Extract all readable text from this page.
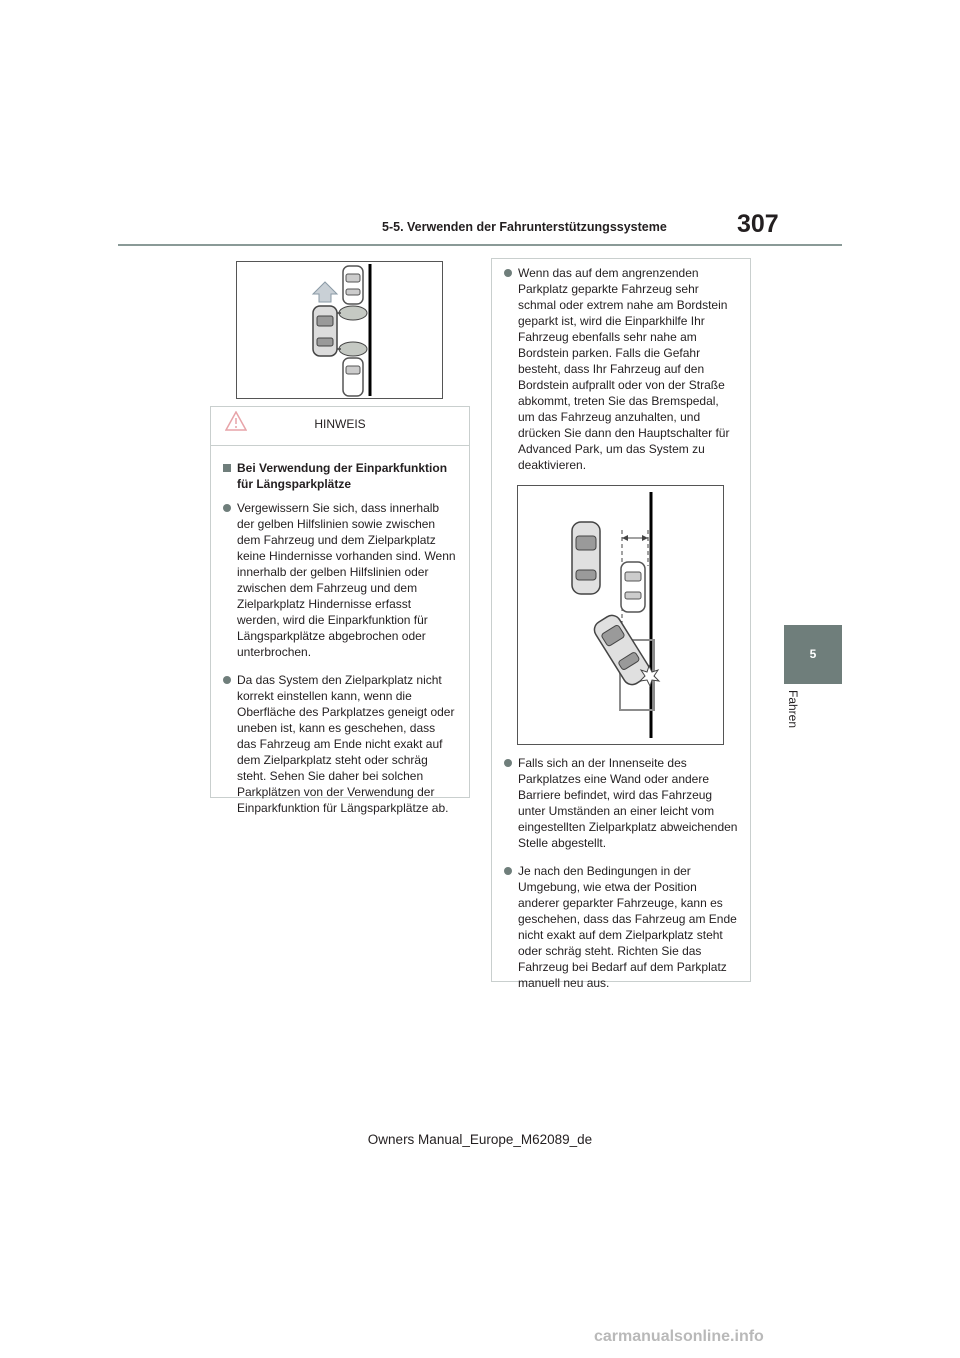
5-5. Verwenden der Fahrunterstützungssysteme	307
5
Fahren
HINWEIS
Bei Verwendung der Einparkfunktion für Längsparkplätze
Vergewissern Sie sich, dass innerhalb der gelben Hilfslinien sowie zwischen dem Fahrzeug und dem Zielparkplatz keine Hindernisse vorhanden sind. Wenn innerhalb der gelben Hilfslinien oder zwischen dem Fahrzeug und dem Zielparkplatz Hindernisse erfasst werden, wird die Einparkfunktion für Längsparkplätze abgebrochen oder unterbrochen.
Da das System den Zielparkplatz nicht korrekt einstellen kann, wenn die Oberfläche des Parkplatzes geneigt oder uneben ist, kann es geschehen, dass das Fahrzeug am Ende nicht exakt auf dem Zielparkplatz steht oder schräg steht. Sehen Sie daher bei solchen Parkplätzen von der Verwendung der Einparkfunktion für Längsparkplätze ab.
Wenn das auf dem angrenzenden Parkplatz geparkte Fahrzeug sehr schmal oder extrem nahe am Bordstein geparkt ist, wird die Einparkhilfe Ihr Fahrzeug ebenfalls sehr nahe am Bordstein parken. Falls die Gefahr besteht, dass Ihr Fahrzeug auf den Bordstein aufprallt oder von der Straße abkommt, treten Sie das Bremspedal, um das Fahrzeug anzuhalten, und drücken Sie dann den Hauptschalter für Advanced Park, um das System zu deaktivieren.
Falls sich an der Innenseite des Parkplatzes eine Wand oder andere Barriere befindet, wird das Fahrzeug unter Umständen an einer leicht vom eingestellten Zielparkplatz abweichenden Stelle abgestellt.
Je nach den Bedingungen in der Umgebung, wie etwa der Position anderer geparkter Fahrzeuge, kann es geschehen, dass das Fahrzeug am Ende nicht exakt auf dem Zielparkplatz steht oder schräg steht. Richten Sie das Fahrzeug bei Bedarf auf dem Parkplatz manuell neu aus.
Owners Manual_Europe_M62089_de
carmanualsonline.info
